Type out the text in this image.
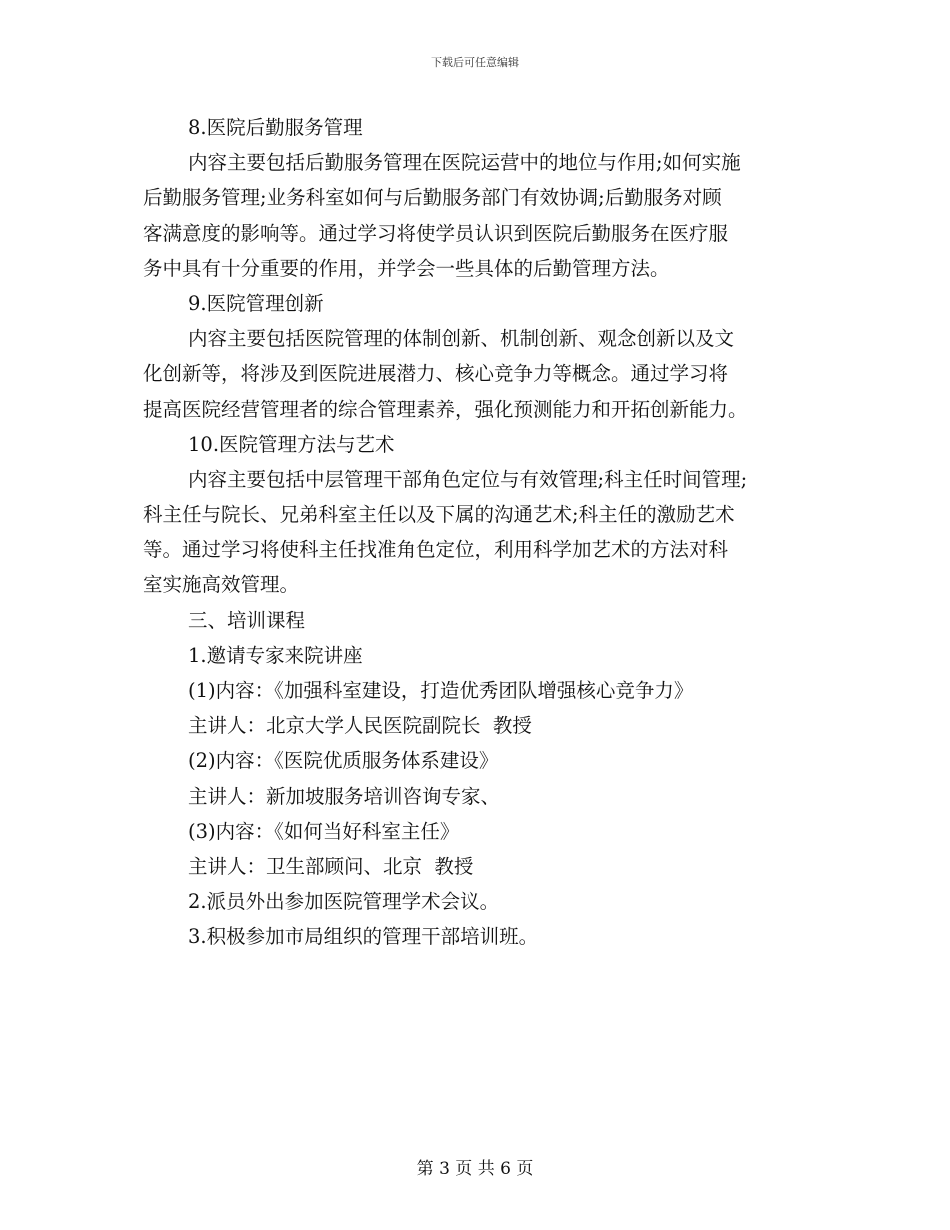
下载后可任意编辑
8.医院后勤服务管理
内容主要包括后勤服务管理在医院运营中的地位与作用;如何实施
后勤服务管理;业务科室如何与后勤服务部门有效协调;后勤服务对顾
客满意度的影响等。通过学习将使学员认识到医院后勤服务在医疗服
务中具有十分重要的作用，并学会一些具体的后勤管理方法。
9.医院管理创新
内容主要包括医院管理的体制创新、机制创新、观念创新以及文
化创新等，将涉及到医院进展潜力、核心竞争力等概念。通过学习将
提高医院经营管理者的综合管理素养，强化预测能力和开拓创新能力。
10.医院管理方法与艺术
内容主要包括中层管理干部角色定位与有效管理;科主任时间管理;
科主任与院长、兄弟科室主任以及下属的沟通艺术;科主任的激励艺术
等。通过学习将使科主任找准角色定位，利用科学加艺术的方法对科
室实施高效管理。
三、培训课程
1.邀请专家来院讲座
(1)内容：《加强科室建设，打造优秀团队增强核心竞争力》
主讲人：北京大学人民医院副院长  教授
(2)内容：《医院优质服务体系建设》
主讲人：新加坡服务培训咨询专家、
(3)内容：《如何当好科室主任》
主讲人：卫生部顾问、北京  教授
2.派员外出参加医院管理学术会议。
3.积极参加市局组织的管理干部培训班。
第 3 页 共 6 页
